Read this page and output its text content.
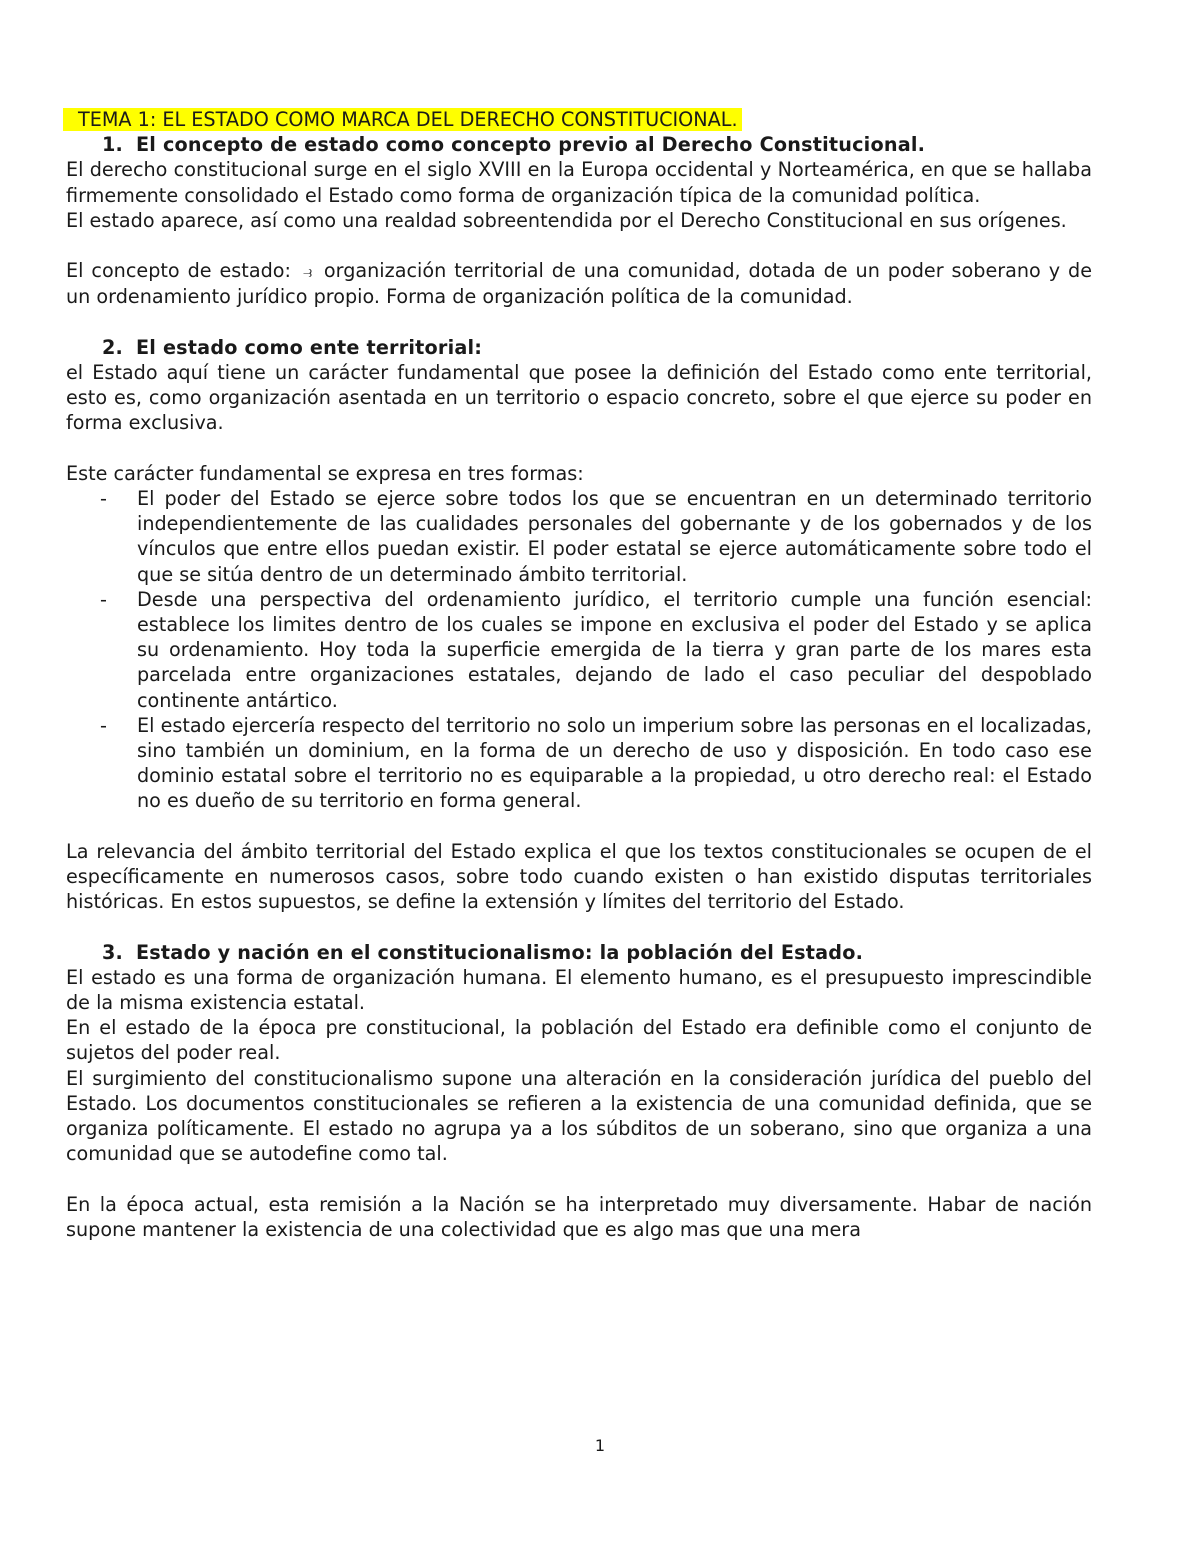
TEMA 1: EL ESTADO COMO MARCA DEL DERECHO CONSTITUCIONAL.

1. El concepto de estado como concepto previo al Derecho Constitucional.

El derecho constitucional surge en el siglo XVIII en la Europa occidental y Norteamérica, en que se hallaba firmemente consolidado el Estado como forma de organización típica de la comunidad política.

El estado aparece, así como una realdad sobreentendida por el Derecho Constitucional en sus orígenes.

El concepto de estado: ⥽ organización territorial de una comunidad, dotada de un poder soberano y de un ordenamiento jurídico propio. Forma de organización política de la comunidad.

2. El estado como ente territorial:

el Estado aquí tiene un carácter fundamental que posee la definición del Estado como ente territorial, esto es, como organización asentada en un territorio o espacio concreto, sobre el que ejerce su poder en forma exclusiva.

Este carácter fundamental se expresa en tres formas:

- El poder del Estado se ejerce sobre todos los que se encuentran en un determinado territorio independientemente de las cualidades personales del gobernante y de los gobernados y de los vínculos que entre ellos puedan existir. El poder estatal se ejerce automáticamente sobre todo el que se sitúa dentro de un determinado ámbito territorial.
- Desde una perspectiva del ordenamiento jurídico, el territorio cumple una función esencial: establece los limites dentro de los cuales se impone en exclusiva el poder del Estado y se aplica su ordenamiento. Hoy toda la superficie emergida de la tierra y gran parte de los mares esta parcelada entre organizaciones estatales, dejando de lado el caso peculiar del despoblado continente antártico.
- El estado ejercería respecto del territorio no solo un imperium sobre las personas en el localizadas, sino también un dominium, en la forma de un derecho de uso y disposición. En todo caso ese dominio estatal sobre el territorio no es equiparable a la propiedad, u otro derecho real: el Estado no es dueño de su territorio en forma general.

La relevancia del ámbito territorial del Estado explica el que los textos constitucionales se ocupen de el específicamente en numerosos casos, sobre todo cuando existen o han existido disputas territoriales históricas. En estos supuestos, se define la extensión y límites del territorio del Estado.

3. Estado y nación en el constitucionalismo: la población del Estado.

El estado es una forma de organización humana. El elemento humano, es el presupuesto imprescindible de la misma existencia estatal.

En el estado de la época pre constitucional, la población del Estado era definible como el conjunto de sujetos del poder real.

El surgimiento del constitucionalismo supone una alteración en la consideración jurídica del pueblo del Estado. Los documentos constitucionales se refieren a la existencia de una comunidad definida, que se organiza políticamente. El estado no agrupa ya a los súbditos de un soberano, sino que organiza a una comunidad que se autodefine como tal.

En la época actual, esta remisión a la Nación se ha interpretado muy diversamente. Habar de nación supone mantener la existencia de una colectividad que es algo mas que una mera

1
